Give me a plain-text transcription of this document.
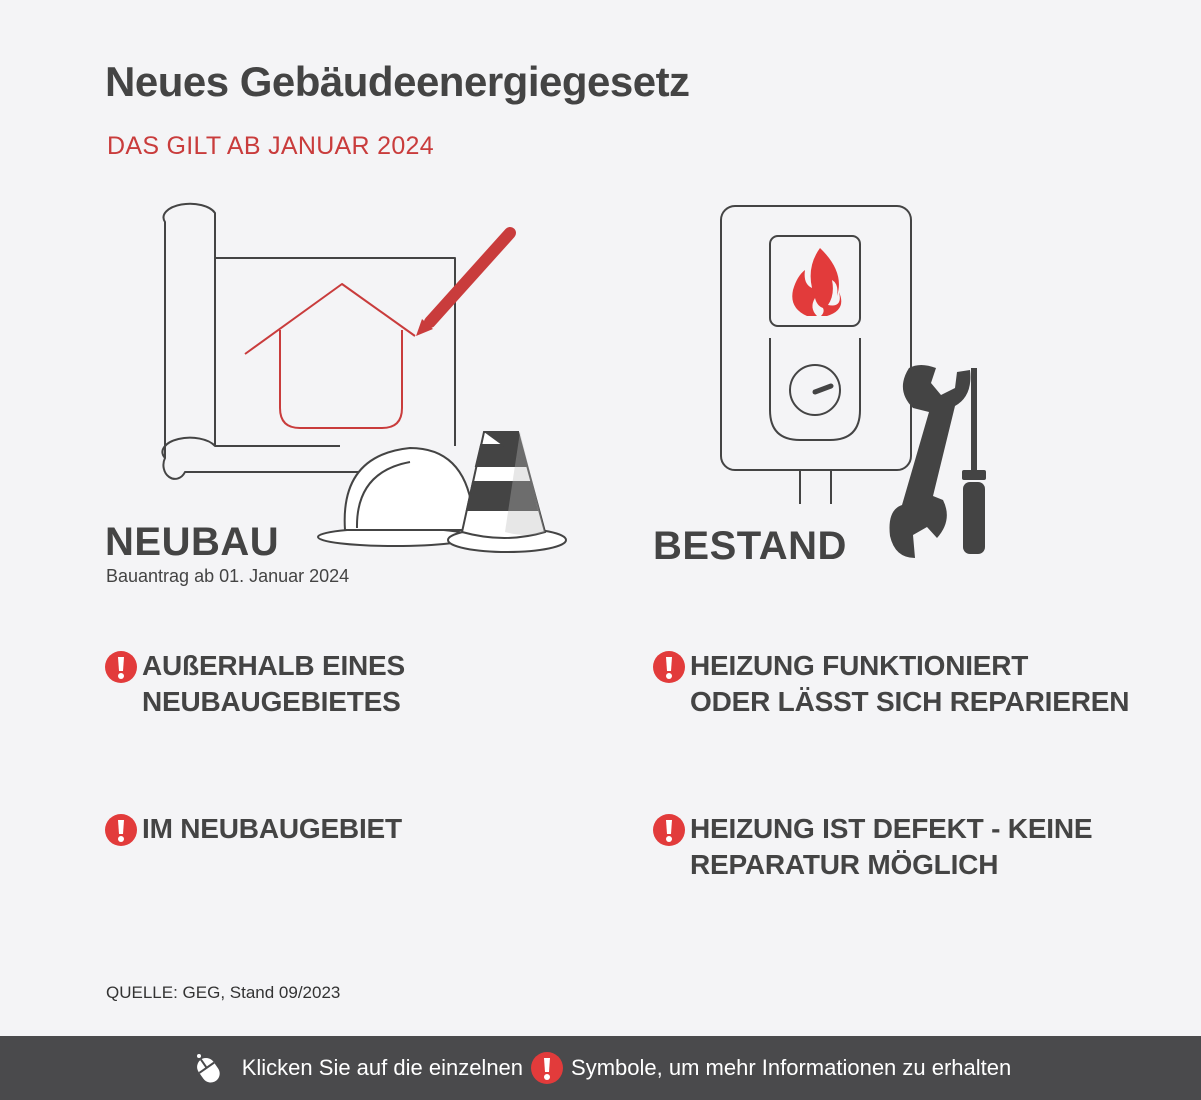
Neues Gebäudeenergiegesetz
DAS GILT AB JANUAR 2024
NEUBAU
Bauantrag ab 01. Januar 2024
BESTAND
AUßERHALB EINES
NEUBAUGEBIETES
IM NEUBAUGEBIET
HEIZUNG FUNKTIONIERT
ODER LÄSST SICH REPARIEREN
HEIZUNG IST DEFEKT - KEINE
REPARATUR MÖGLICH
QUELLE: GEG, Stand 09/2023
Klicken Sie auf die einzelnen Symbole, um mehr Informationen zu erhalten
